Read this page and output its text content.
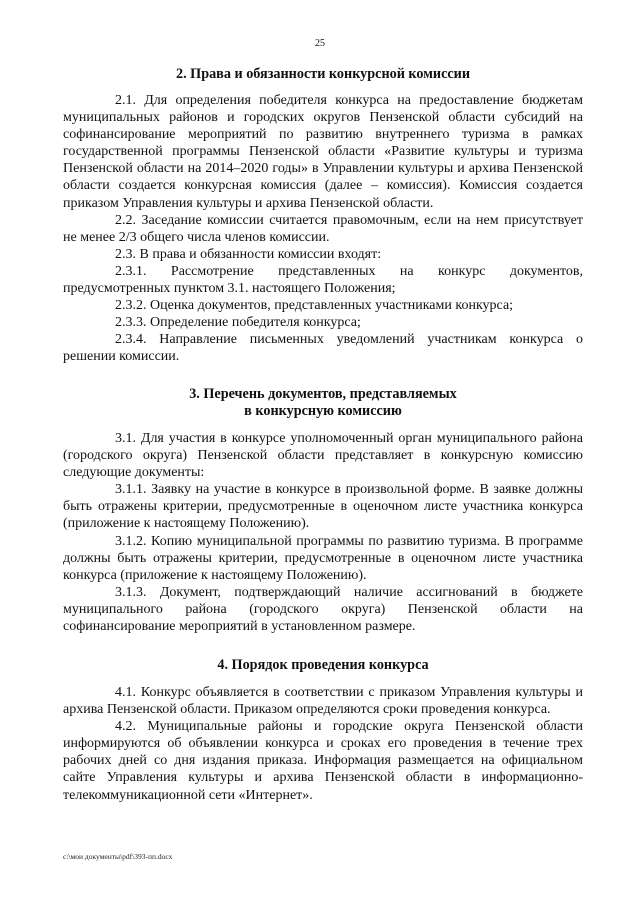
25
2. Права и обязанности конкурсной комиссии

2.1. Для определения победителя конкурса на предоставление бюджетам муниципальных районов и городских округов Пензенской области субсидий на софинансирование мероприятий по развитию внутреннего туризма в рамках государственной программы Пензенской области «Развитие культуры и туризма Пензенской области на 2014–2020 годы» в Управлении культуры и архива Пензенской области создается конкурсная комиссия (далее – комиссия). Комиссия создается приказом Управления культуры и архива Пензенской области.

2.2. Заседание комиссии считается правомочным, если на нем присутствует не менее 2/3 общего числа членов комиссии.

2.3. В права и обязанности комиссии входят:

2.3.1. Рассмотрение представленных на конкурс документов, предусмотренных пунктом 3.1. настоящего Положения;

2.3.2. Оценка документов, представленных участниками конкурса;

2.3.3. Определение победителя конкурса;

2.3.4. Направление письменных уведомлений участникам конкурса о решении комиссии.

3. Перечень документов, представляемых
в конкурсную комиссию

3.1. Для участия в конкурсе уполномоченный орган муниципального района (городского округа) Пензенской области представляет в конкурсную комиссию следующие документы:

3.1.1. Заявку на участие в конкурсе в произвольной форме. В заявке должны быть отражены критерии, предусмотренные в оценочном листе участника конкурса (приложение к настоящему Положению).

3.1.2. Копию муниципальной программы по развитию туризма. В программе должны быть отражены критерии, предусмотренные в оценочном листе участника конкурса (приложение к настоящему Положению).

3.1.3. Документ, подтверждающий наличие ассигнований в бюджете муниципального района (городского округа) Пензенской области на софинансирование мероприятий в установленном размере.

4. Порядок проведения конкурса

4.1. Конкурс объявляется в соответствии с приказом Управления культуры и архива Пензенской области. Приказом определяются сроки проведения конкурса.

4.2. Муниципальные районы и городские округа Пензенской области информируются об объявлении конкурса и сроках его проведения в течение трех рабочих дней со дня издания приказа. Информация размещается на официальном сайте Управления культуры и архива Пензенской области в информационно-телекоммуникационной сети «Интернет».

c:\мои документы\pdf\393-пп.docx
